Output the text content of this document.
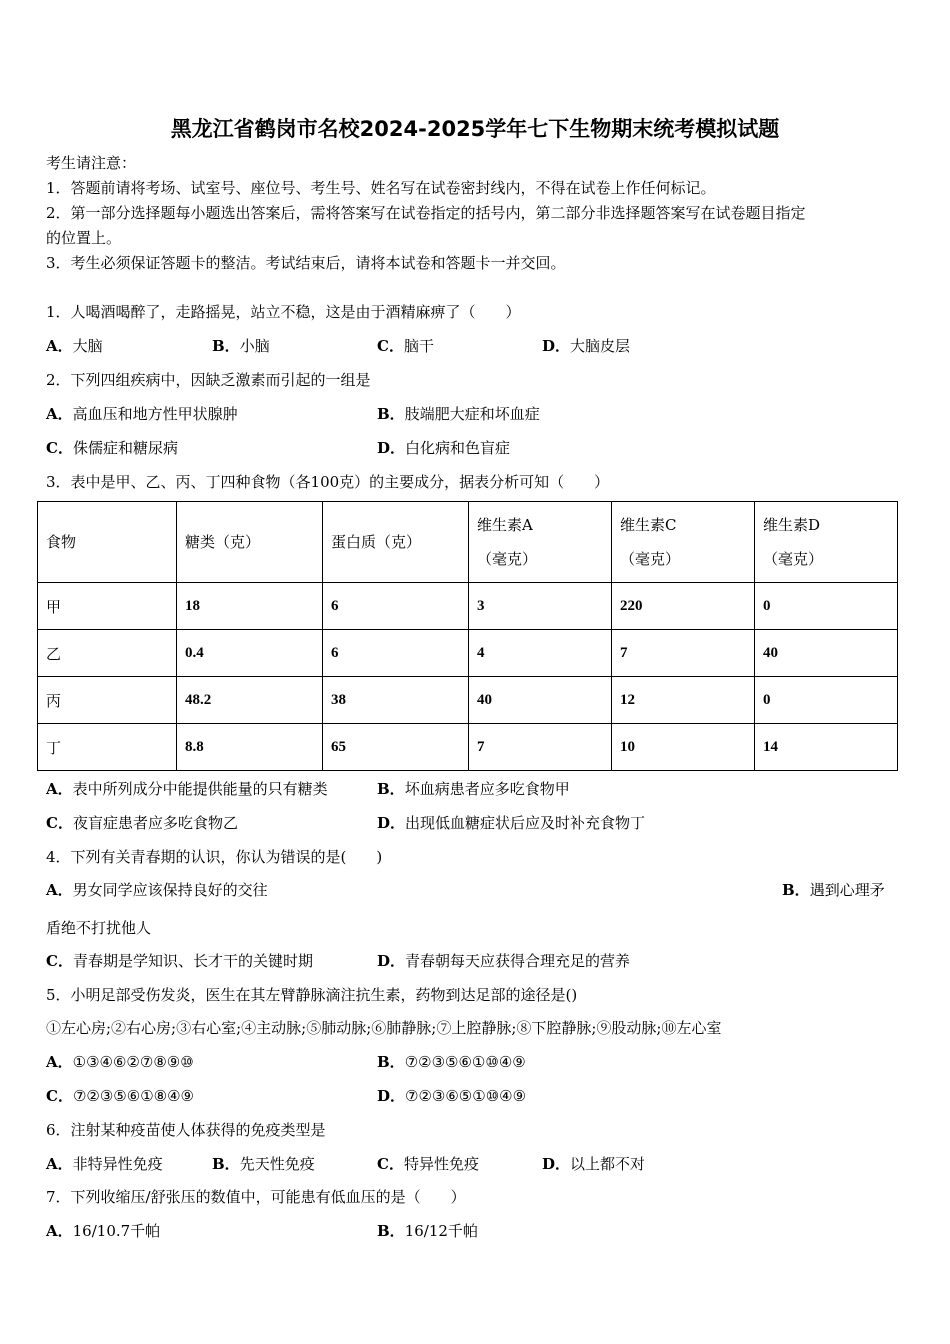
黑龙江省鹤岗市名校2024-2025学年七下生物期末统考模拟试题
考生请注意：
1．答题前请将考场、试室号、座位号、考生号、姓名写在试卷密封线内，不得在试卷上作任何标记。
2．第一部分选择题每小题选出答案后，需将答案写在试卷指定的括号内，第二部分非选择题答案写在试卷题目指定
的位置上。
3．考生必须保证答题卡的整洁。考试结束后，请将本试卷和答题卡一并交回。
1．人喝酒喝醉了，走路摇晃，站立不稳，这是由于酒精麻痹了（　　）
A．大脑	B．小脑	C．脑干	D．大脑皮层
2．下列四组疾病中，因缺乏激素而引起的一组是
A．高血压和地方性甲状腺肿	B．肢端肥大症和坏血症
C．侏儒症和糖尿病	D．白化病和色盲症
3．表中是甲、乙、丙、丁四种食物（各100克）的主要成分，据表分析可知（　　）
食物	糖类（克）	蛋白质（克）	维生素A
（毫克）	维生素C
（毫克）	维生素D
（毫克）

甲	18	6	3	220	0
乙	0.4	6	4	7	40
丙	48.2	38	40	12	0
丁	8.8	65	7	10	14
A．表中所列成分中能提供能量的只有糖类	B．坏血病患者应多吃食物甲
C．夜盲症患者应多吃食物乙	D．出现低血糖症状后应及时补充食物丁
4．下列有关青春期的认识，你认为错误的是(　　)
A．男女同学应该保持良好的交往	B．遇到心理矛
盾绝不打扰他人
C．青春期是学知识、长才干的关键时期	D．青春朝每天应获得合理充足的营养
5．小明足部受伤发炎，医生在其左臂静脉滴注抗生素，药物到达足部的途径是()
①左心房;②右心房;③右心室;④主动脉;⑤肺动脉;⑥肺静脉;⑦上腔静脉;⑧下腔静脉;⑨股动脉;⑩左心室
A．①③④⑥②⑦⑧⑨⑩	B．⑦②③⑤⑥①⑩④⑨
C．⑦②③⑤⑥①⑧④⑨	D．⑦②③⑥⑤①⑩④⑨
6．注射某种疫苗使人体获得的免疫类型是
A．非特异性免疫	B．先天性免疫	C．特异性免疫	D．以上都不对
7．下列收缩压/舒张压的数值中，可能患有低血压的是（　　）
A．16/10.7千帕	B．16/12千帕
